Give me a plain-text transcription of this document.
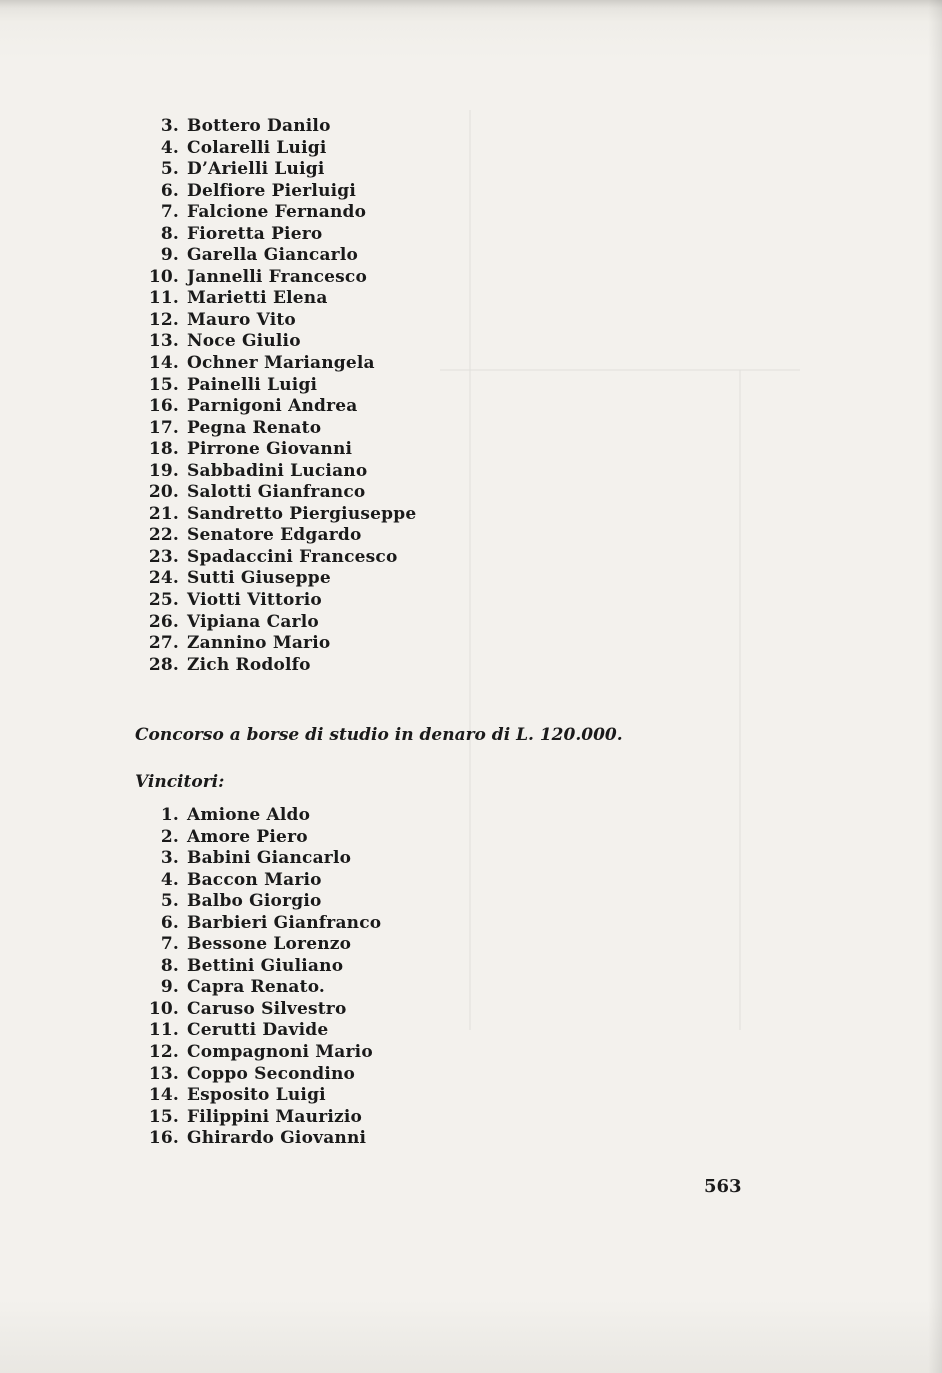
3. Bottero Danilo
4. Colarelli Luigi
5. D’Arielli Luigi
6. Delfiore Pierluigi
7. Falcione Fernando
8. Fioretta Piero
9. Garella Giancarlo
10. Jannelli Francesco
11. Marietti Elena
12. Mauro Vito
13. Noce Giulio
14. Ochner Mariangela
15. Painelli Luigi
16. Parnigoni Andrea
17. Pegna Renato
18. Pirrone Giovanni
19. Sabbadini Luciano
20. Salotti Gianfranco
21. Sandretto Piergiuseppe
22. Senatore Edgardo
23. Spadaccini Francesco
24. Sutti Giuseppe
25. Viotti Vittorio
26. Vipiana Carlo
27. Zannino Mario
28. Zich Rodolfo
Concorso a borse di studio in denaro di L. 120.000.
Vincitori:
1. Amione Aldo
2. Amore Piero
3. Babini Giancarlo
4. Baccon Mario
5. Balbo Giorgio
6. Barbieri Gianfranco
7. Bessone Lorenzo
8. Bettini Giuliano
9. Capra Renato.
10. Caruso Silvestro
11. Cerutti Davide
12. Compagnoni Mario
13. Coppo Secondino
14. Esposito Luigi
15. Filippini Maurizio
16. Ghirardo Giovanni
563
